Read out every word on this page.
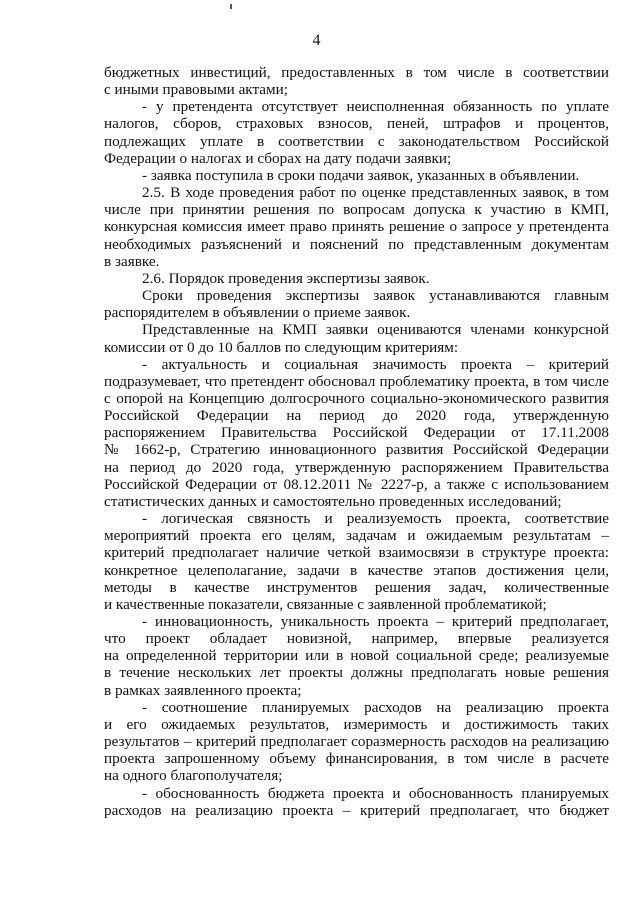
4

бюджетных инвестиций, предоставленных в том числе в соответствии

с иными правовыми актами;

- у претендента отсутствует неисполненная обязанность по уплате

налогов, сборов, страховых взносов, пеней, штрафов и процентов,

подлежащих уплате в соответствии с законодательством Российской

Федерации о налогах и сборах на дату подачи заявки;

- заявка поступила в сроки подачи заявок, указанных в объявлении.

2.5. В ходе проведения работ по оценке представленных заявок, в том

числе при принятии решения по вопросам допуска к участию в КМП,

конкурсная комиссия имеет право принять решение о запросе у претендента

необходимых разъяснений и пояснений по представленным документам

в заявке.

2.6. Порядок проведения экспертизы заявок.

Сроки проведения экспертизы заявок устанавливаются главным

распорядителем в объявлении о приеме заявок.

Представленные на КМП заявки оцениваются членами конкурсной

комиссии от 0 до 10 баллов по следующим критериям:

- актуальность и социальная значимость проекта – критерий

подразумевает, что претендент обосновал проблематику проекта, в том числе

с опорой на Концепцию долгосрочного социально-экономического развития

Российской Федерации на период до 2020 года, утвержденную

распоряжением Правительства Российской Федерации от 17.11.2008

№ 1662-р, Стратегию инновационного развития Российской Федерации

на период до 2020 года, утвержденную распоряжением Правительства

Российской Федерации от 08.12.2011 № 2227-р, а также с использованием

статистических данных и самостоятельно проведенных исследований;

- логическая связность и реализуемость проекта, соответствие

мероприятий проекта его целям, задачам и ожидаемым результатам –

критерий предполагает наличие четкой взаимосвязи в структуре проекта:

конкретное целеполагание, задачи в качестве этапов достижения цели,

методы в качестве инструментов решения задач, количественные

и качественные показатели, связанные с заявленной проблематикой;

- инновационность, уникальность проекта – критерий предполагает,

что проект обладает новизной, например, впервые реализуется

на определенной территории или в новой социальной среде; реализуемые

в течение нескольких лет проекты должны предполагать новые решения

в рамках заявленного проекта;

- соотношение планируемых расходов на реализацию проекта

и его ожидаемых результатов, измеримость и достижимость таких

результатов – критерий предполагает соразмерность расходов на реализацию

проекта запрошенному объему финансирования, в том числе в расчете

на одного благополучателя;

- обоснованность бюджета проекта и обоснованность планируемых

расходов на реализацию проекта – критерий предполагает, что бюджет
